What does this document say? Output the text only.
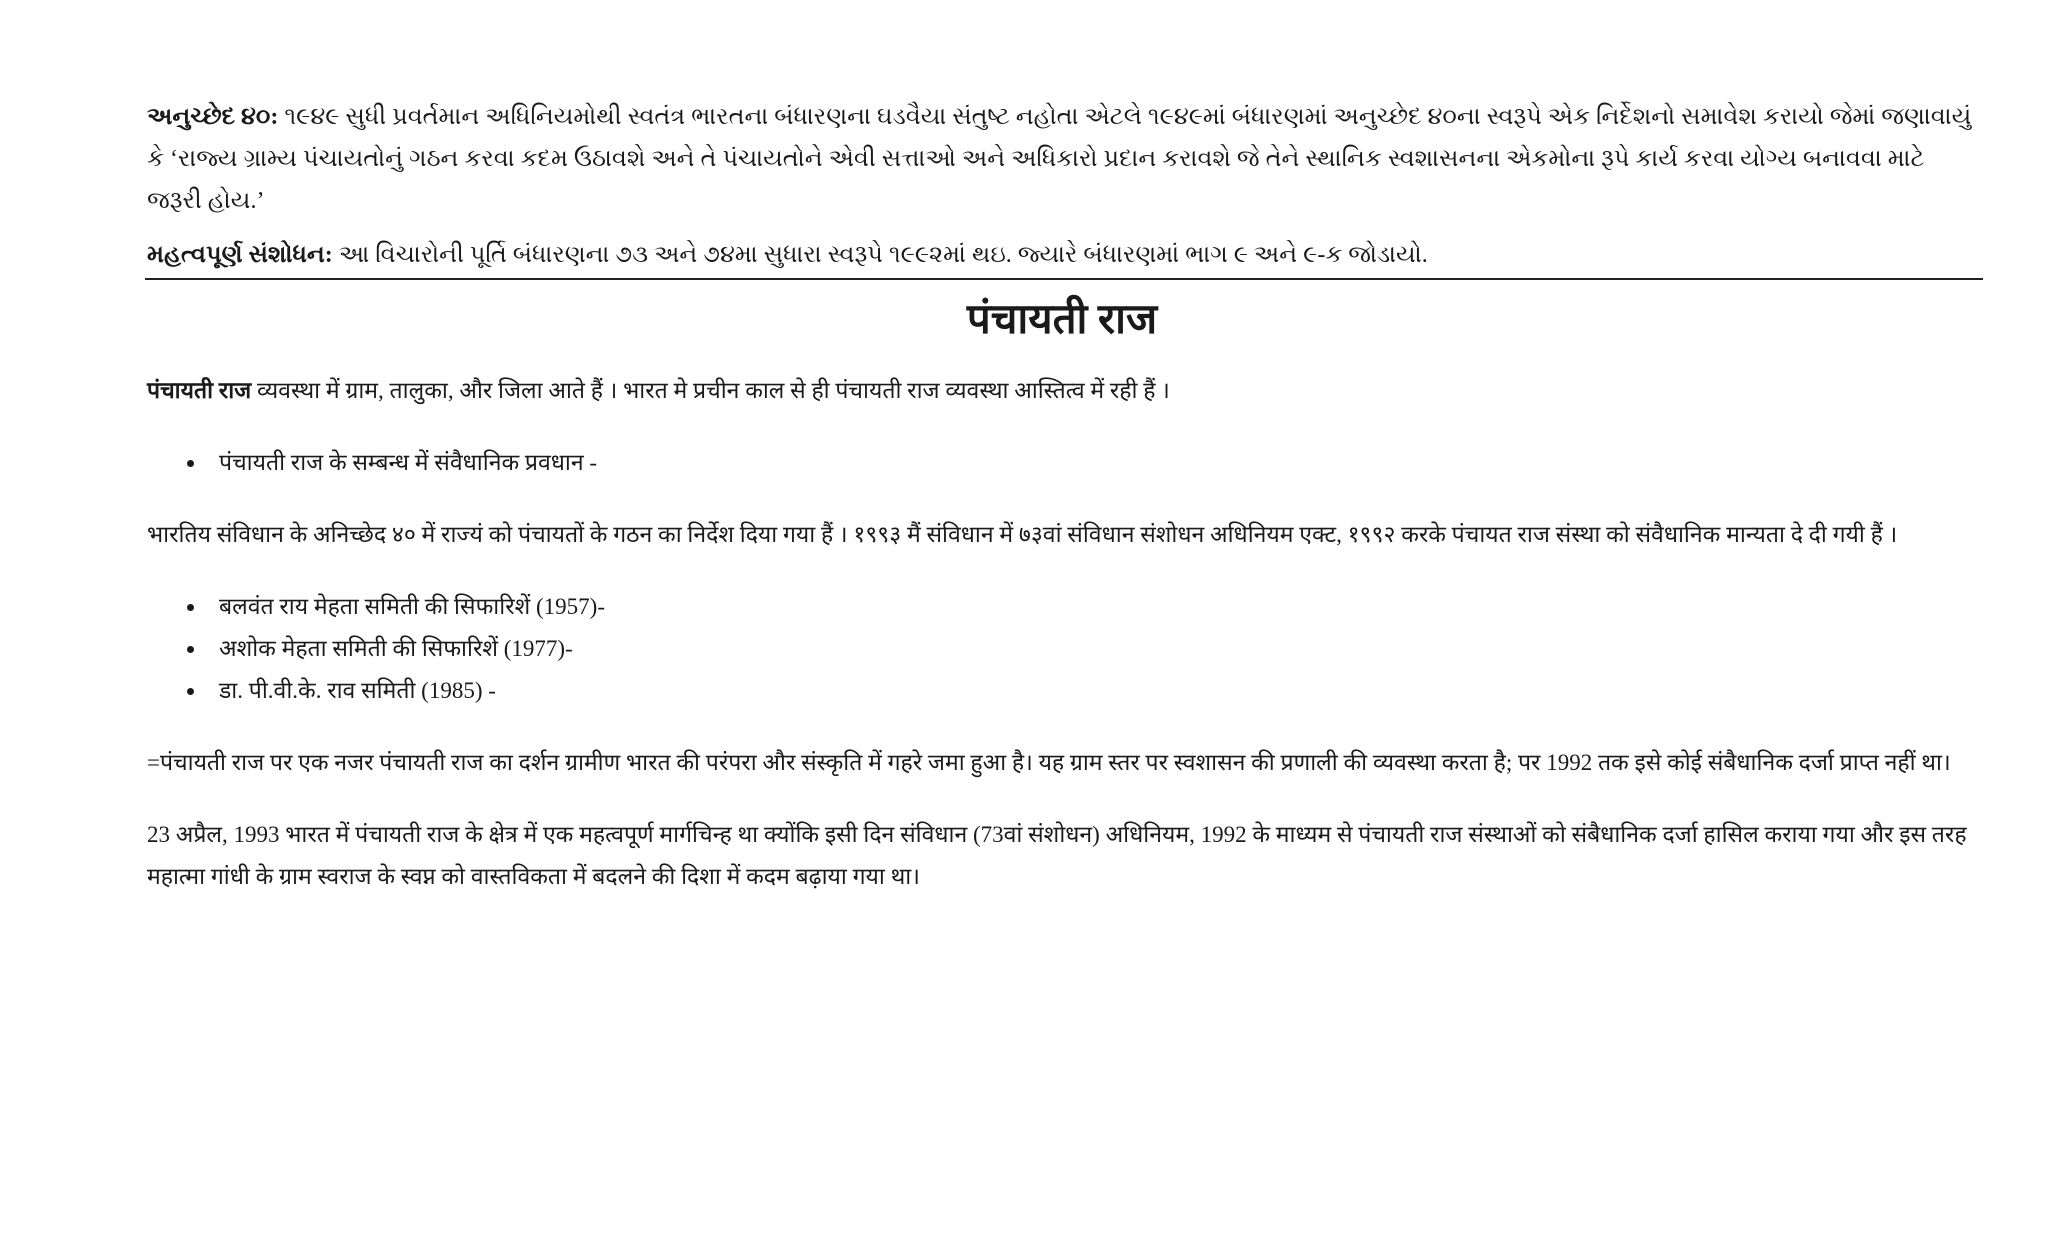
અનુચ્છેદ ૪૦: ૧૯૪૯ સુધી પ્રવર્તમાન અધિનિયમોથી સ્વતંત્ર ભારતના બંધારણના ઘડવૈયા સંતુષ્ટ નહોતા એટલે ૧૯૪૯માં બંધારણમાં અનુચ્છેદ ૪૦ના સ્વરૂપે એક નિર્દેશનો સમાવેશ કરાયો જેમાં જણાવાયું કે ‘રાજ્ય ગ્રામ્ય પંચાયતોનું ગઠન કરવા કદમ ઉઠાવશે અને તે પંચાયતોને એવી સત્તાઓ અને અધિકારો પ્રદાન કરાવશે જે તેને સ્થાનિક સ્વશાસનના એકમોના રૂપે કાર્ય કરવા યોગ્ય બનાવવા માટે જરૂરી હોય.’

મહત્વપૂર્ણ સંશોધન: આ વિચારોની પૂર્તિ બંધારણના ૭૩ અને ૭૪મા સુધારા સ્વરૂપે ૧૯૯૨માં થઇ. જ્યારે બંધારણમાં ભાગ ૯ અને ૯-ક જોડાયો.

पंचायती राज

पंचायती राज व्यवस्था में ग्राम, तालुका, और जिला आते हैं । भारत मे प्रचीन काल से ही पंचायती राज व्यवस्था आस्तित्व में रही हैं ।

पंचायती राज के सम्बन्ध में संवैधानिक प्रवधान -

भारतिय संविधान के अनिच्छेद ४० में राज्यं को पंचायतों के गठन का निर्देश दिया गया हैं । १९९३ मैं संविधान में ७३वां संविधान संशोधन अधिनियम एक्ट, १९९२ करके पंचायत राज संस्था को संवैधानिक मान्यता दे दी गयी हैं ।

बलवंत राय मेहता समिती की सिफारिशें (1957)-
अशोक मेहता समिती की सिफारिशें (1977)-
डा. पी.वी.के. राव समिती (1985) -

=पंचायती राज पर एक नजर पंचायती राज का दर्शन ग्रामीण भारत की परंपरा और संस्कृति में गहरे जमा हुआ है। यह ग्राम स्तर पर स्वशासन की प्रणाली की व्यवस्था करता है; पर 1992 तक इसे कोई संबैधानिक दर्जा प्राप्त नहीं था।

23 अप्रैल, 1993 भारत में पंचायती राज के क्षेत्र में एक महत्वपूर्ण मार्गचिन्ह था क्योंकि इसी दिन संविधान (73वां संशोधन) अधिनियम, 1992 के माध्यम से पंचायती राज संस्थाओं को संबैधानिक दर्जा हासिल कराया गया और इस तरह महात्मा गांधी के ग्राम स्वराज के स्वप्न को वास्तविकता में बदलने की दिशा में कदम बढ़ाया गया था।
